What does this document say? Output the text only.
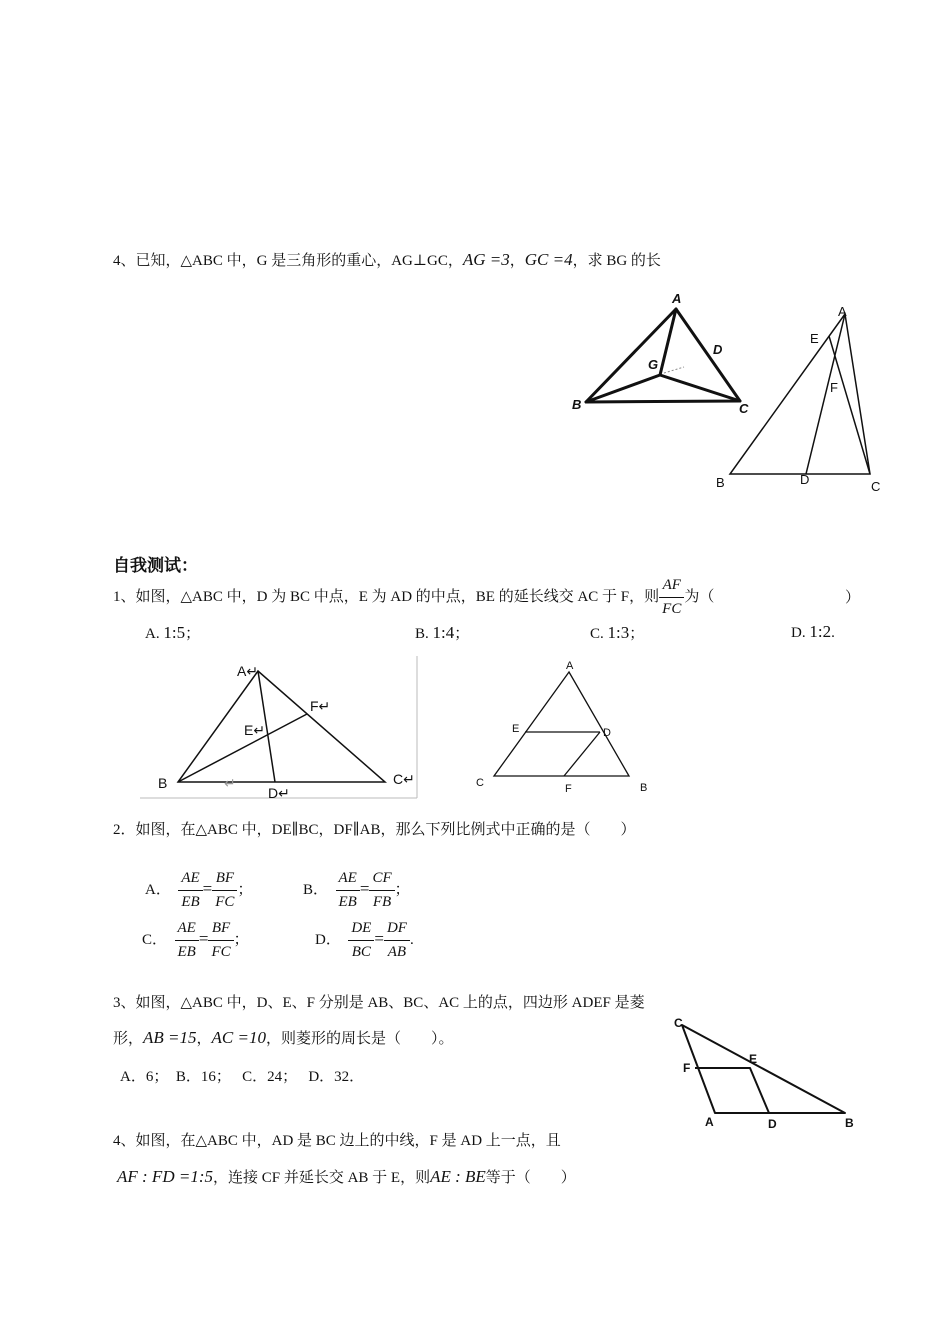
4、已知，△ABC 中，G 是三角形的重心，AG⊥GC，AG =3，GC =4，求 BG 的长
A
B	C
D
G
A
E
F
B	D	C
自我测试：
1、如图，△ABC 中，D 为 BC 中点，E 为 AD 的中点，BE 的延长线交 AC 于 F，则 $\frac{AF}{FC}$ 为（	）
A. 1:5；	B. 1:4；	C. 1:3；	D. 1:2.
A↵
F↵
E↵
B	↵	C↵
D↵
A
E	D
C	F	B
2．如图，在△ABC 中，DE∥BC，DF∥AB，那么下列比例式中正确的是（　　）
A． $\frac{AE}{EB} = \frac{BF}{FC}$ ；	B． $\frac{AE}{EB} = \frac{CF}{FB}$ ；
C． $\frac{AE}{EB} = \frac{BF}{FC}$ ；	D． $\frac{DE}{BC} = \frac{DF}{AB}$ .
3、如图，△ABC 中，D、E、F 分别是 AB、BC、AC 上的点，四边形 ADEF 是菱
形，AB =15，AC =10，则菱形的周长是（　　）。
A．6；　B．16；　 C．24；　 D．32．
C
F
E
A	D	B
4、如图，在△ABC 中，AD 是 BC 边上的中线，F 是 AD 上一点，且
AF : FD =1:5，连接 CF 并延长交 AB 于 E，则AE : BE等于（　　）
